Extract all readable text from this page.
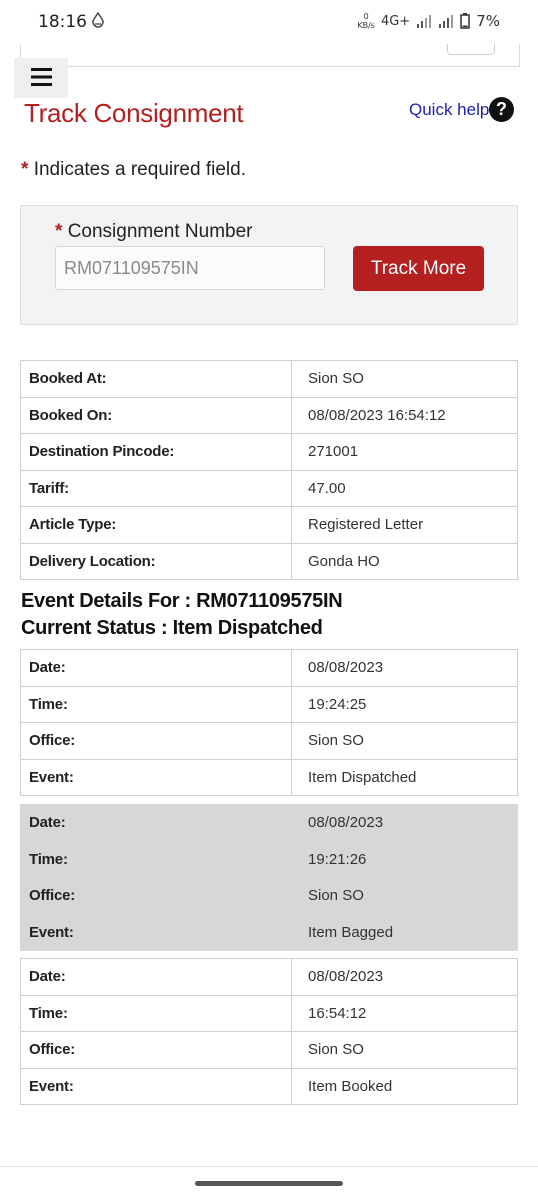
18:16	0
KB/s 4G+	7%
Track Consignment	Quick help ?
* Indicates a required field.
* Consignment Number
RM071109575IN
Track More
Booked At:	Sion SO
Booked On:	08/08/2023 16:54:12
Destination Pincode:	271001
Tariff:	47.00
Article Type:	Registered Letter
Delivery Location:	Gonda HO
Event Details For : RM071109575IN
Current Status : Item Dispatched
Date:	08/08/2023
Time:	19:24:25
Office:	Sion SO
Event:	Item Dispatched
Date:	08/08/2023
Time:	19:21:26
Office:	Sion SO
Event:	Item Bagged
Date:	08/08/2023
Time:	16:54:12
Office:	Sion SO
Event:	Item Booked
